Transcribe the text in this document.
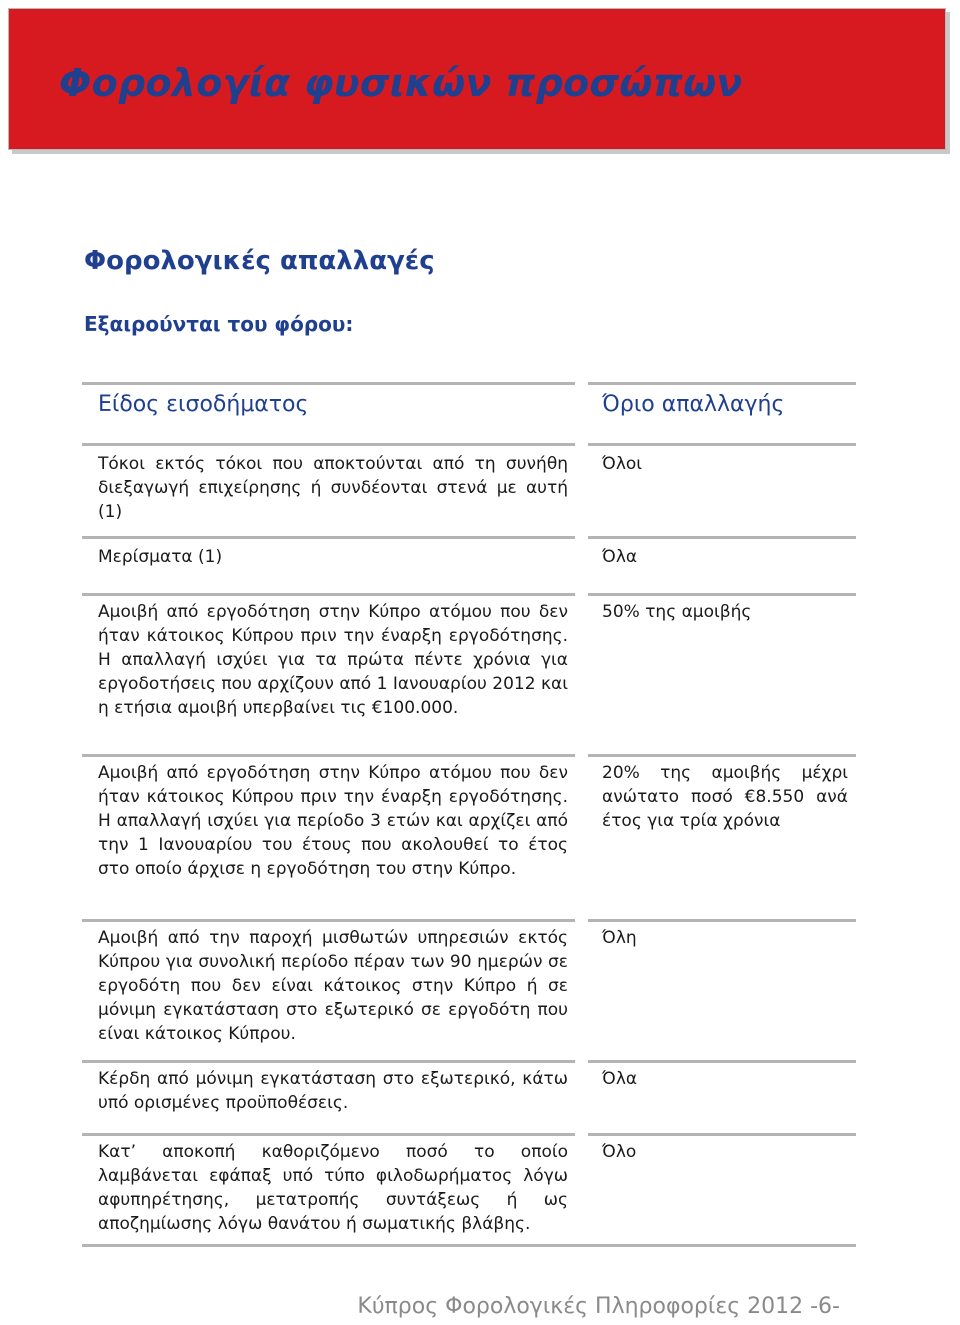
Φορολογία φυσικών προσώπων
Φορολογικές απαλλαγές
Εξαιρούνται του φόρου:
Είδος εισοδήματος	Όριο απαλλαγής
Τόκοι εκτός τόκοι που αποκτούνται από τη συνήθη διεξαγωγή επιχείρησης ή συνδέονται στενά με αυτή (1)
Όλοι
Μερίσματα (1)	Όλα
Αμοιβή από εργοδότηση στην Κύπρο ατόμου που δεν ήταν κάτοικος Κύπρου πριν την έναρξη εργοδότησης. Η απαλλαγή ισχύει για τα πρώτα πέντε χρόνια για εργοδοτήσεις που αρχίζουν από 1 Ιανουαρίου 2012 και η ετήσια αμοιβή υπερβαίνει τις €100.000.
50% της αμοιβής
Αμοιβή από εργοδότηση στην Κύπρο ατόμου που δεν ήταν κάτοικος Κύπρου πριν την έναρξη εργοδότησης. Η απαλλαγή ισχύει για περίοδο 3 ετών και αρχίζει από την 1 Ιανουαρίου του έτους που ακολουθεί το έτος στο οποίο άρχισε η εργοδότηση του στην Κύπρο.
20% της αμοιβής μέχρι ανώτατο ποσό €8.550 ανά έτος για τρία χρόνια
Αμοιβή από την παροχή μισθωτών υπηρεσιών εκτός Κύπρου για συνολική περίοδο πέραν των 90 ημερών σε εργοδότη που δεν είναι κάτοικος στην Κύπρο ή σε μόνιμη εγκατάσταση στο εξωτερικό σε εργοδότη που είναι κάτοικος Κύπρου.
Όλη
Κέρδη από μόνιμη εγκατάσταση στο εξωτερικό, κάτω υπό ορισμένες προϋποθέσεις.
Όλα
Κατ’ αποκοπή καθοριζόμενο ποσό το οποίο λαμβάνεται εφάπαξ υπό τύπο φιλοδωρήματος λόγω αφυπηρέτησης, μετατροπής συντάξεως ή ως αποζημίωσης λόγω θανάτου ή σωματικής βλάβης.
Όλο
Κύπρος Φορολογικές Πληροφορίες 2012 -6-
